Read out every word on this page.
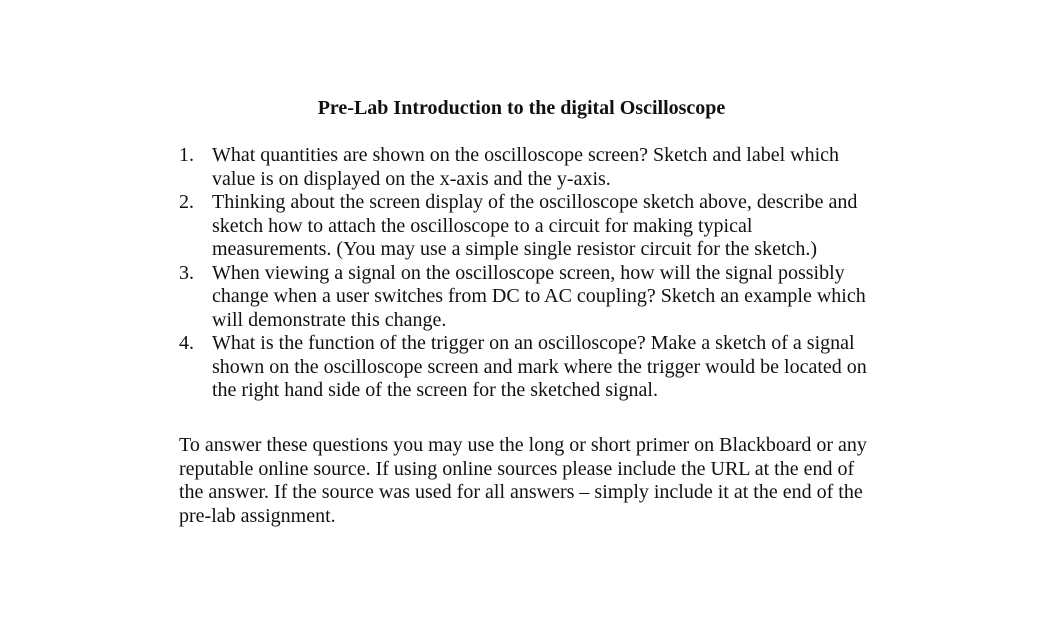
Pre-Lab Introduction to the digital Oscilloscope
1. What quantities are shown on the oscilloscope screen? Sketch and label which
value is on displayed on the x-axis and the y-axis.
2. Thinking about the screen display of the oscilloscope sketch above, describe and
sketch how to attach the oscilloscope to a circuit for making typical
measurements. (You may use a simple single resistor circuit for the sketch.)
3. When viewing a signal on the oscilloscope screen, how will the signal possibly
change when a user switches from DC to AC coupling? Sketch an example which
will demonstrate this change.
4. What is the function of the trigger on an oscilloscope? Make a sketch of a signal
shown on the oscilloscope screen and mark where the trigger would be located on
the right hand side of the screen for the sketched signal.

To answer these questions you may use the long or short primer on Blackboard or any
reputable online source. If using online sources please include the URL at the end of
the answer. If the source was used for all answers – simply include it at the end of the
pre-lab assignment.
